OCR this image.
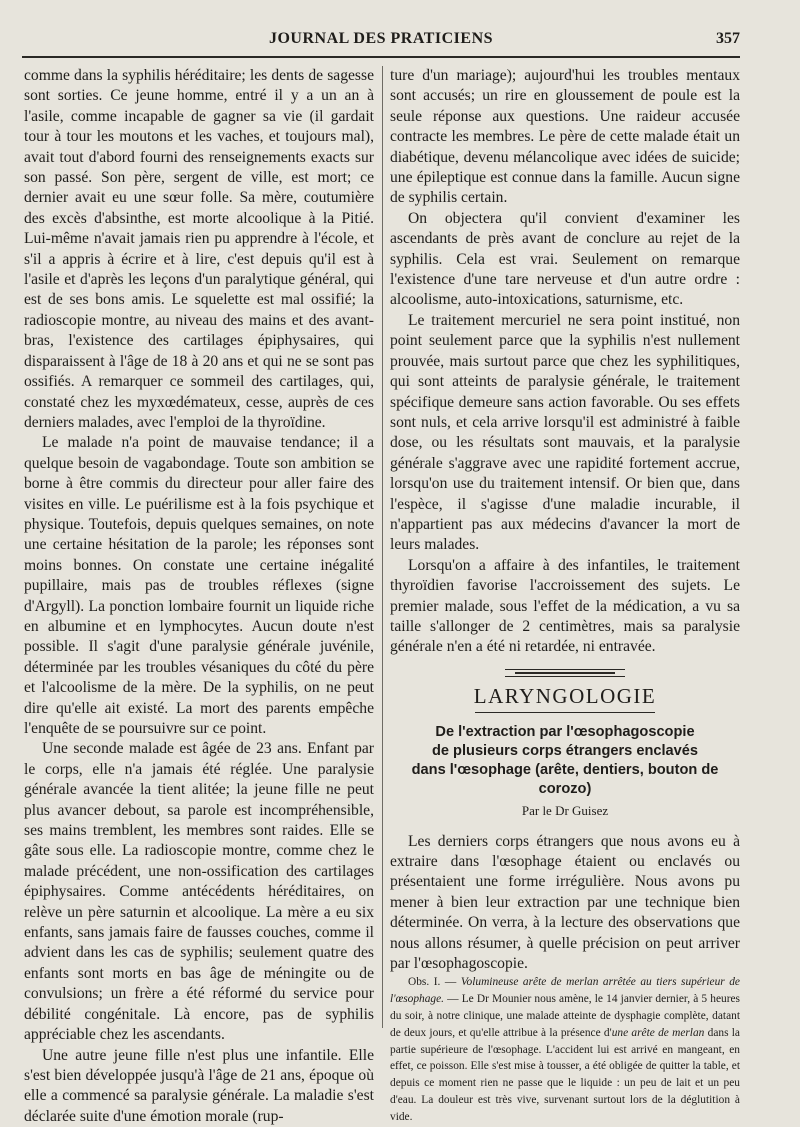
JOURNAL DES PRATICIENS	357

comme dans la syphilis héréditaire; les dents de sagesse sont sorties. Ce jeune homme, entré il y a un an à l'asile, comme incapable de gagner sa vie (il gardait tour à tour les moutons et les vaches, et toujours mal), avait tout d'abord fourni des renseignements exacts sur son passé. Son père, sergent de ville, est mort; ce dernier avait eu une sœur folle. Sa mère, coutumière des excès d'absinthe, est morte alcoolique à la Pitié. Lui-même n'avait jamais rien pu apprendre à l'école, et s'il a appris à écrire et à lire, c'est depuis qu'il est à l'asile et d'après les leçons d'un paralytique général, qui est de ses bons amis. Le squelette est mal ossifié; la radioscopie montre, au niveau des mains et des avant-bras, l'existence des cartilages épiphysaires, qui disparaissent à l'âge de 18 à 20 ans et qui ne se sont pas ossifiés. A remarquer ce sommeil des cartilages, qui, constaté chez les myxœdémateux, cesse, auprès de ces derniers malades, avec l'emploi de la thyroïdine.

Le malade n'a point de mauvaise tendance; il a quelque besoin de vagabondage. Toute son ambition se borne à être commis du directeur pour aller faire des visites en ville. Le puérilisme est à la fois psychique et physique. Toutefois, depuis quelques semaines, on note une certaine hésitation de la parole; les réponses sont moins bonnes. On constate une certaine inégalité pupillaire, mais pas de troubles réflexes (signe d'Argyll). La ponction lombaire fournit un liquide riche en albumine et en lymphocytes. Aucun doute n'est possible. Il s'agit d'une paralysie générale juvénile, déterminée par les troubles vésaniques du côté du père et l'alcoolisme de la mère. De la syphilis, on ne peut dire qu'elle ait existé. La mort des parents empêche l'enquête de se poursuivre sur ce point.

Une seconde malade est âgée de 23 ans. Enfant par le corps, elle n'a jamais été réglée. Une paralysie générale avancée la tient alitée; la jeune fille ne peut plus avancer debout, sa parole est incompréhensible, ses mains tremblent, les membres sont raides. Elle se gâte sous elle. La radioscopie montre, comme chez le malade précédent, une non-ossification des cartilages épiphysaires. Comme antécédents héréditaires, on relève un père saturnin et alcoolique. La mère a eu six enfants, sans jamais faire de fausses couches, comme il advient dans les cas de syphilis; seulement quatre des enfants sont morts en bas âge de méningite ou de convulsions; un frère a été réformé du service pour débilité congénitale. Là encore, pas de syphilis appréciable chez les ascendants.

Une autre jeune fille n'est plus une infantile. Elle s'est bien développée jusqu'à l'âge de 21 ans, époque où elle a commencé sa paralysie générale. La maladie s'est déclarée suite d'une émotion morale (rup-

ture d'un mariage); aujourd'hui les troubles mentaux sont accusés; un rire en gloussement de poule est la seule réponse aux questions. Une raideur accusée contracte les membres. Le père de cette malade était un diabétique, devenu mélancolique avec idées de suicide; une épileptique est connue dans la famille. Aucun signe de syphilis certain.

On objectera qu'il convient d'examiner les ascendants de près avant de conclure au rejet de la syphilis. Cela est vrai. Seulement on remarque l'existence d'une tare nerveuse et d'un autre ordre : alcoolisme, auto-intoxications, saturnisme, etc.

Le traitement mercuriel ne sera point institué, non point seulement parce que la syphilis n'est nullement prouvée, mais surtout parce que chez les syphilitiques, qui sont atteints de paralysie générale, le traitement spécifique demeure sans action favorable. Ou ses effets sont nuls, et cela arrive lorsqu'il est administré à faible dose, ou les résultats sont mauvais, et la paralysie générale s'aggrave avec une rapidité fortement accrue, lorsqu'on use du traitement intensif. Or bien que, dans l'espèce, il s'agisse d'une maladie incurable, il n'appartient pas aux médecins d'avancer la mort de leurs malades.

Lorsqu'on a affaire à des infantiles, le traitement thyroïdien favorise l'accroissement des sujets. Le premier malade, sous l'effet de la médication, a vu sa taille s'allonger de 2 centimètres, mais sa paralysie générale n'en a été ni retardée, ni entravée.

LARYNGOLOGIE
De l'extraction par l'œsophagoscopie
de plusieurs corps étrangers enclavés
dans l'œsophage (arête, dentiers, bouton de corozo)
Par le Dr Guisez

Les derniers corps étrangers que nous avons eu à extraire dans l'œsophage étaient ou enclavés ou présentaient une forme irrégulière. Nous avons pu mener à bien leur extraction par une technique bien déterminée. On verra, à la lecture des observations que nous allons résumer, à quelle précision on peut arriver par l'œsophagoscopie.

Obs. I. — Volumineuse arête de merlan arrêtée au tiers supérieur de l'œsophage. — Le Dr Mounier nous amène, le 14 janvier dernier, à 5 heures du soir, à notre clinique, une malade atteinte de dysphagie complète, datant de deux jours, et qu'elle attribue à la présence d'une arête de merlan dans la partie supérieure de l'œsophage. L'accident lui est arrivé en mangeant, en effet, ce poisson. Elle s'est mise à tousser, a été obligée de quitter la table, et depuis ce moment rien ne passe que le liquide : un peu de lait et un peu d'eau. La douleur est très vive, survenant surtout lors de la déglutition à vide.
